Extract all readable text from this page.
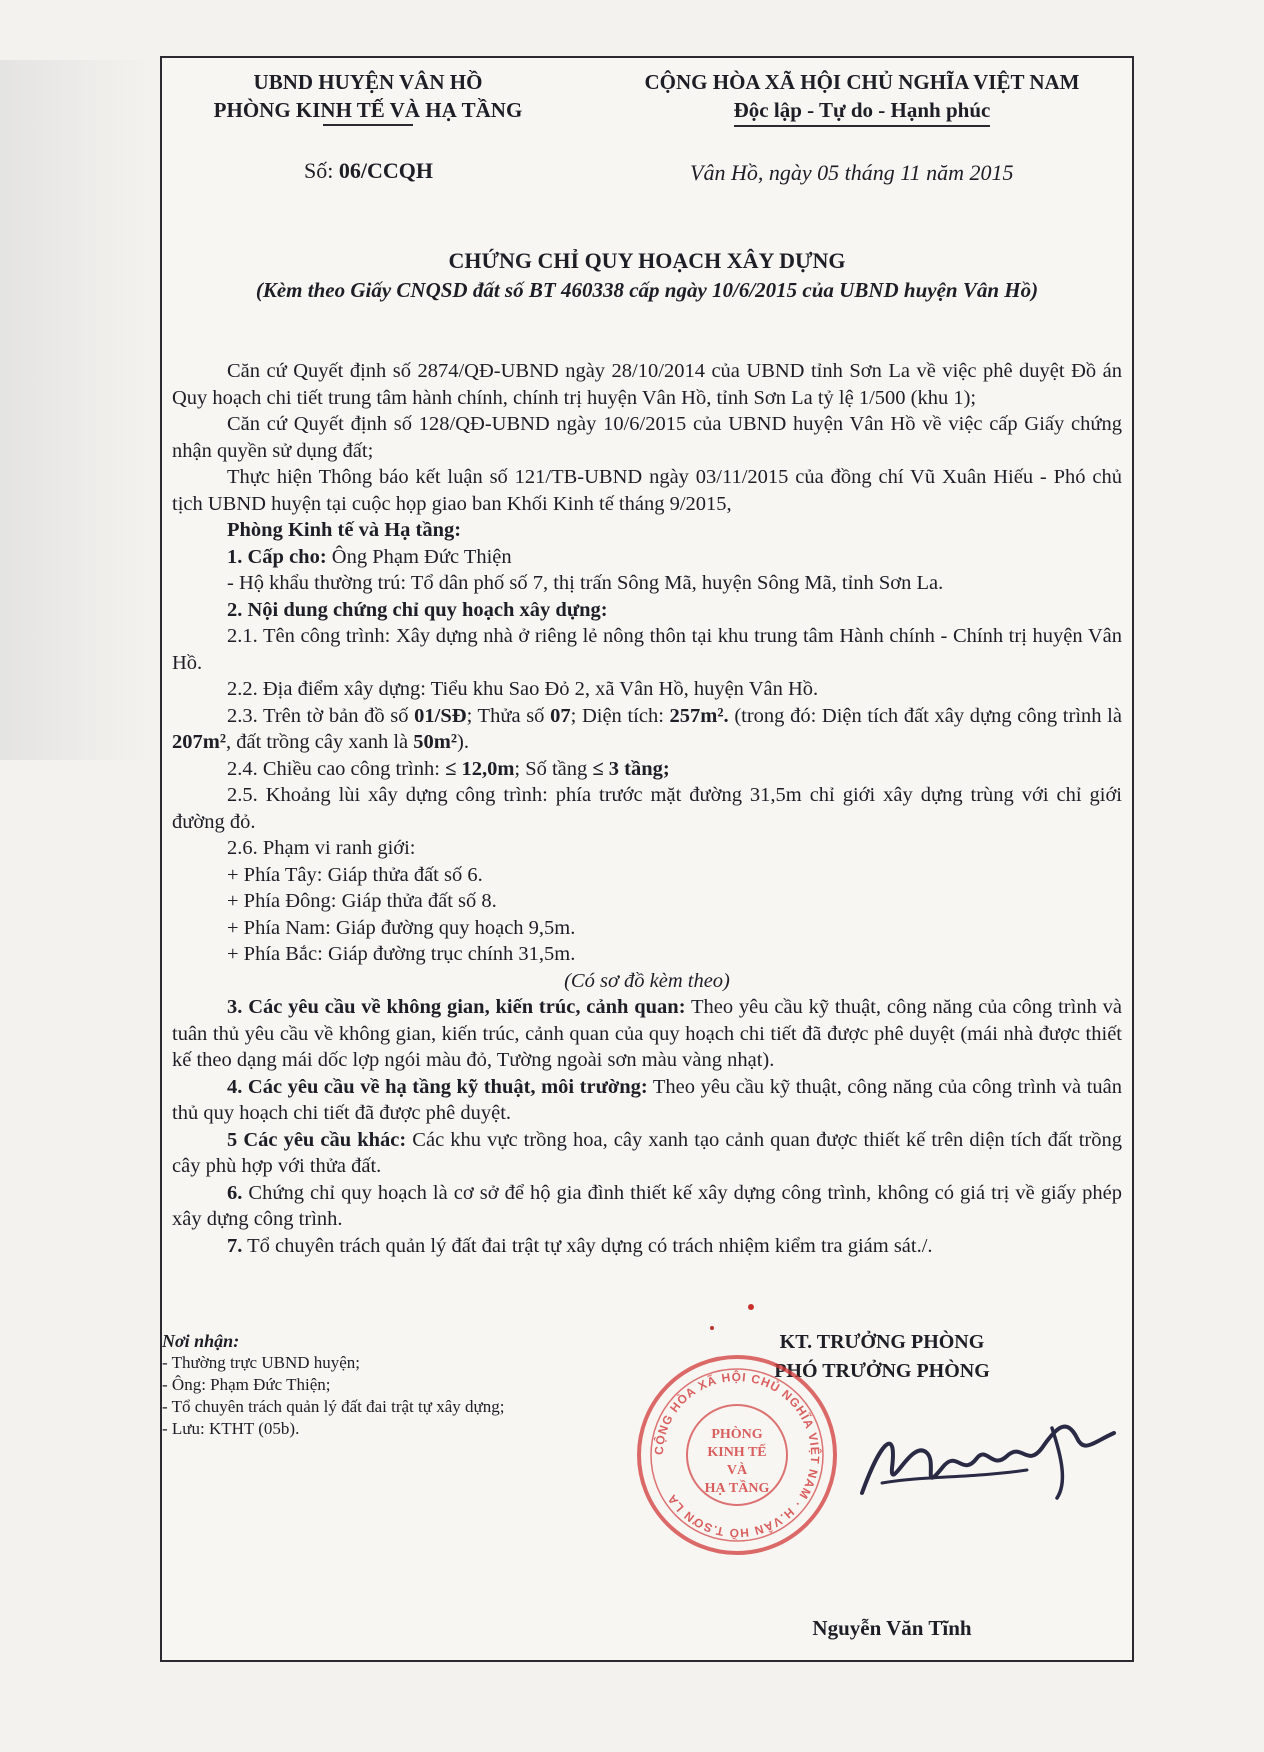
UBND HUYỆN VÂN HỒ
PHÒNG KINH TẾ VÀ HẠ TẦNG
CỘNG HÒA XÃ HỘI CHỦ NGHĨA VIỆT NAM
Độc lập - Tự do - Hạnh phúc
Số: 06/CCQH	Vân Hồ, ngày 05 tháng 11 năm 2015
CHỨNG CHỈ QUY HOẠCH XÂY DỰNG
(Kèm theo Giấy CNQSD đất số BT 460338 cấp ngày 10/6/2015 của UBND huyện Vân Hồ)

Căn cứ Quyết định số 2874/QĐ-UBND ngày 28/10/2014 của UBND tỉnh Sơn La về việc phê duyệt Đồ án Quy hoạch chi tiết trung tâm hành chính, chính trị huyện Vân Hồ, tỉnh Sơn La tỷ lệ 1/500 (khu 1);

Căn cứ Quyết định số 128/QĐ-UBND ngày 10/6/2015 của UBND huyện Vân Hồ về việc cấp Giấy chứng nhận quyền sử dụng đất;

Thực hiện Thông báo kết luận số 121/TB-UBND ngày 03/11/2015 của đồng chí Vũ Xuân Hiếu - Phó chủ tịch UBND huyện tại cuộc họp giao ban Khối Kinh tế tháng 9/2015,

Phòng Kinh tế và Hạ tầng:

1. Cấp cho: Ông Phạm Đức Thiện

- Hộ khẩu thường trú: Tổ dân phố số 7, thị trấn Sông Mã, huyện Sông Mã, tỉnh Sơn La.

2. Nội dung chứng chỉ quy hoạch xây dựng:

2.1. Tên công trình: Xây dựng nhà ở riêng lẻ nông thôn tại khu trung tâm Hành chính - Chính trị huyện Vân Hồ.

2.2. Địa điểm xây dựng: Tiểu khu Sao Đỏ 2, xã Vân Hồ, huyện Vân Hồ.

2.3. Trên tờ bản đồ số 01/SĐ; Thửa số 07; Diện tích: 257m². (trong đó: Diện tích đất xây dựng công trình là 207m², đất trồng cây xanh là 50m²).

2.4. Chiều cao công trình: ≤ 12,0m; Số tầng ≤ 3 tầng;

2.5. Khoảng lùi xây dựng công trình: phía trước mặt đường 31,5m chỉ giới xây dựng trùng với chỉ giới đường đỏ.

2.6. Phạm vi ranh giới:

+ Phía Tây: Giáp thửa đất số 6.

+ Phía Đông: Giáp thửa đất số 8.

+ Phía Nam: Giáp đường quy hoạch 9,5m.

+ Phía Bắc: Giáp đường trục chính 31,5m.

(Có sơ đồ kèm theo)

3. Các yêu cầu về không gian, kiến trúc, cảnh quan: Theo yêu cầu kỹ thuật, công năng của công trình và tuân thủ yêu cầu về không gian, kiến trúc, cảnh quan của quy hoạch chi tiết đã được phê duyệt (mái nhà được thiết kế theo dạng mái dốc lợp ngói màu đỏ, Tường ngoài sơn màu vàng nhạt).

4. Các yêu cầu về hạ tầng kỹ thuật, môi trường: Theo yêu cầu kỹ thuật, công năng của công trình và tuân thủ quy hoạch chi tiết đã được phê duyệt.

5 Các yêu cầu khác: Các khu vực trồng hoa, cây xanh tạo cảnh quan được thiết kế trên diện tích đất trồng cây phù hợp với thửa đất.

6. Chứng chỉ quy hoạch là cơ sở để hộ gia đình thiết kế xây dựng công trình, không có giá trị về giấy phép xây dựng công trình.

7. Tổ chuyên trách quản lý đất đai trật tự xây dựng có trách nhiệm kiểm tra giám sát./.

Nơi nhận:
- Thường trực UBND huyện;
- Ông: Phạm Đức Thiện;
- Tổ chuyên trách quản lý đất đai trật tự xây dựng;
- Lưu: KTHT (05b).
KT. TRƯỞNG PHÒNG
PHÓ TRƯỞNG PHÒNG
CỘNG HÒA XÃ HỘI CHỦ NGHĨA VIỆT NAM · H.VÂN HỒ T.SƠN LA
PHÒNG
KINH TẾ
VÀ
HẠ TẦNG
Nguyễn Văn Tĩnh
